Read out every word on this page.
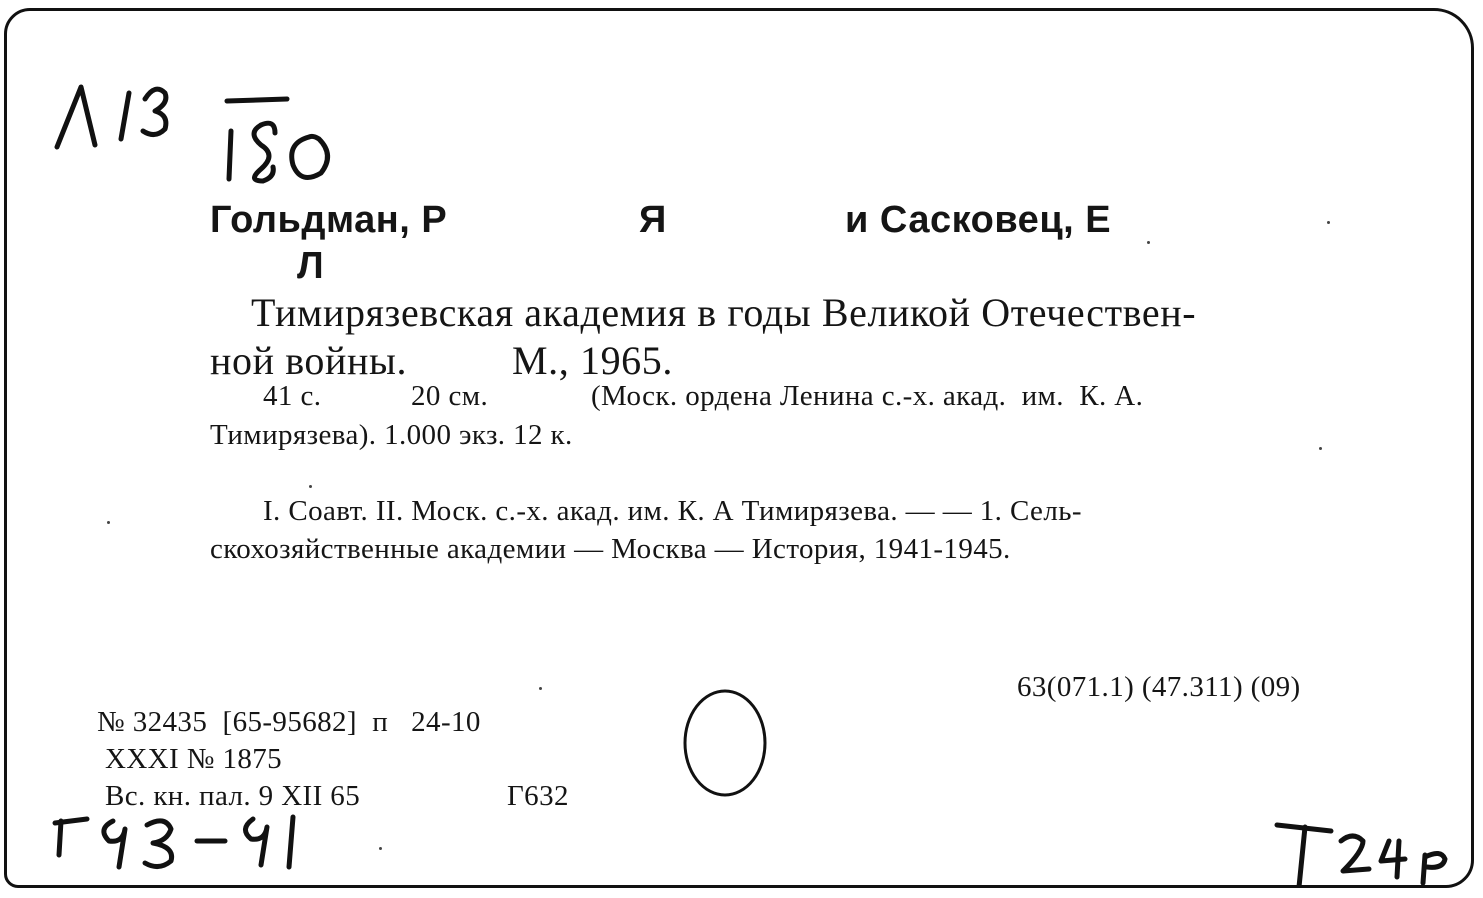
Гольдман, Р	Я	и Сасковец, Е
Л
Тимирязевская академия в годы Великой Отечествен-
ной войны.	М., 1965.
41 с.	20 см.	(Моск. ордена Ленина с.-х. акад.  им.  К. А.
Тимирязева). 1.000 экз. 12 к.
I. Соавт. II. Моск. с.-х. акад. им. К. А Тимирязева. — — 1. Сель-
скохозяйственные академии — Москва — История, 1941-1945.
63(071.1) (47.311) (09)
№ 32435  [65-95682]  п   24-10
XXXI № 1875
Вс. кн. пал. 9 XII 65	Г632
